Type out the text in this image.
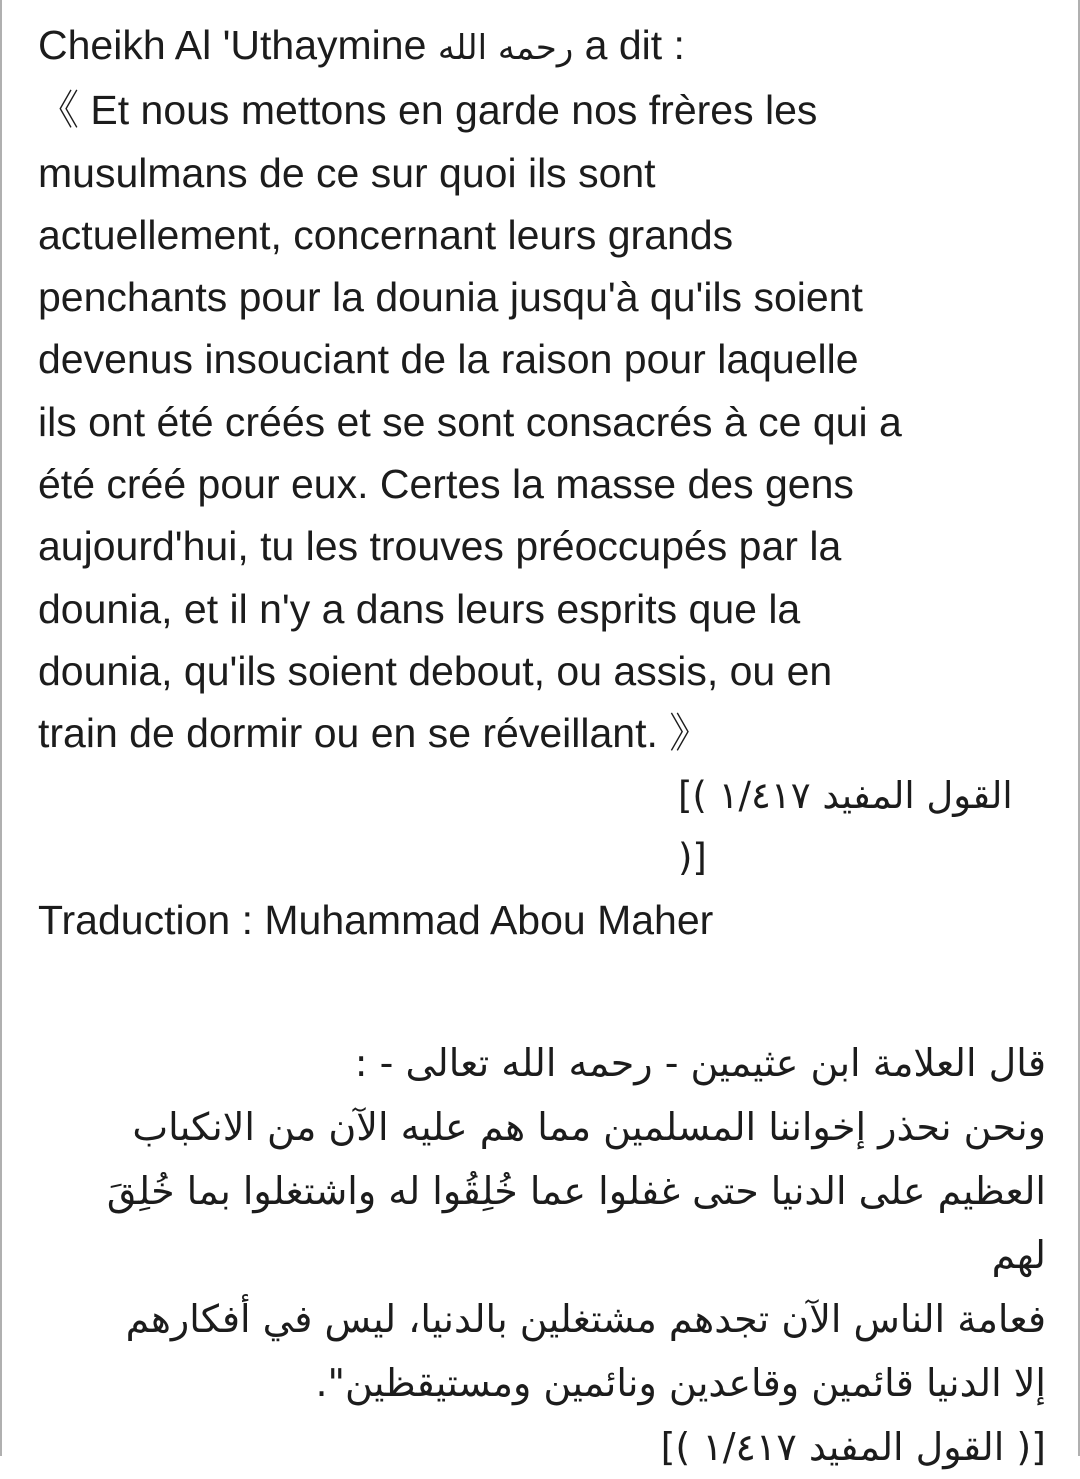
Cheikh Al 'Uthaymine رحمه الله a dit :

《 Et nous mettons en garde nos frères les

musulmans de ce sur quoi ils sont

actuellement, concernant leurs grands

penchants pour la dounia jusqu'à qu'ils soient

devenus insouciant de la raison pour laquelle

ils ont été créés et se sont consacrés à ce qui a

été créé pour eux. Certes la masse des gens

aujourd'hui, tu les trouves préoccupés par la

dounia, et il n'y a dans leurs esprits que la

dounia, qu'ils soient debout, ou assis, ou en

train de dormir ou en se réveillant. 》

[( القول المفيد ١/٤١٧ )]

Traduction : Muhammad Abou Maher

قال العلامة ابن عثيمين - رحمه الله تعالى - :

ونحن نحذر إخواننا المسلمين مما هم عليه الآن من الانكباب

العظيم على الدنيا حتى غفلوا عما خُلِقُوا له واشتغلوا بما خُلِقَ

لهم

فعامة الناس الآن تجدهم مشتغلين بالدنيا، ليس في أفكارهم

إلا الدنيا قائمين وقاعدين ونائمين ومستيقظين".

[( القول المفيد ١/٤١٧ )]
